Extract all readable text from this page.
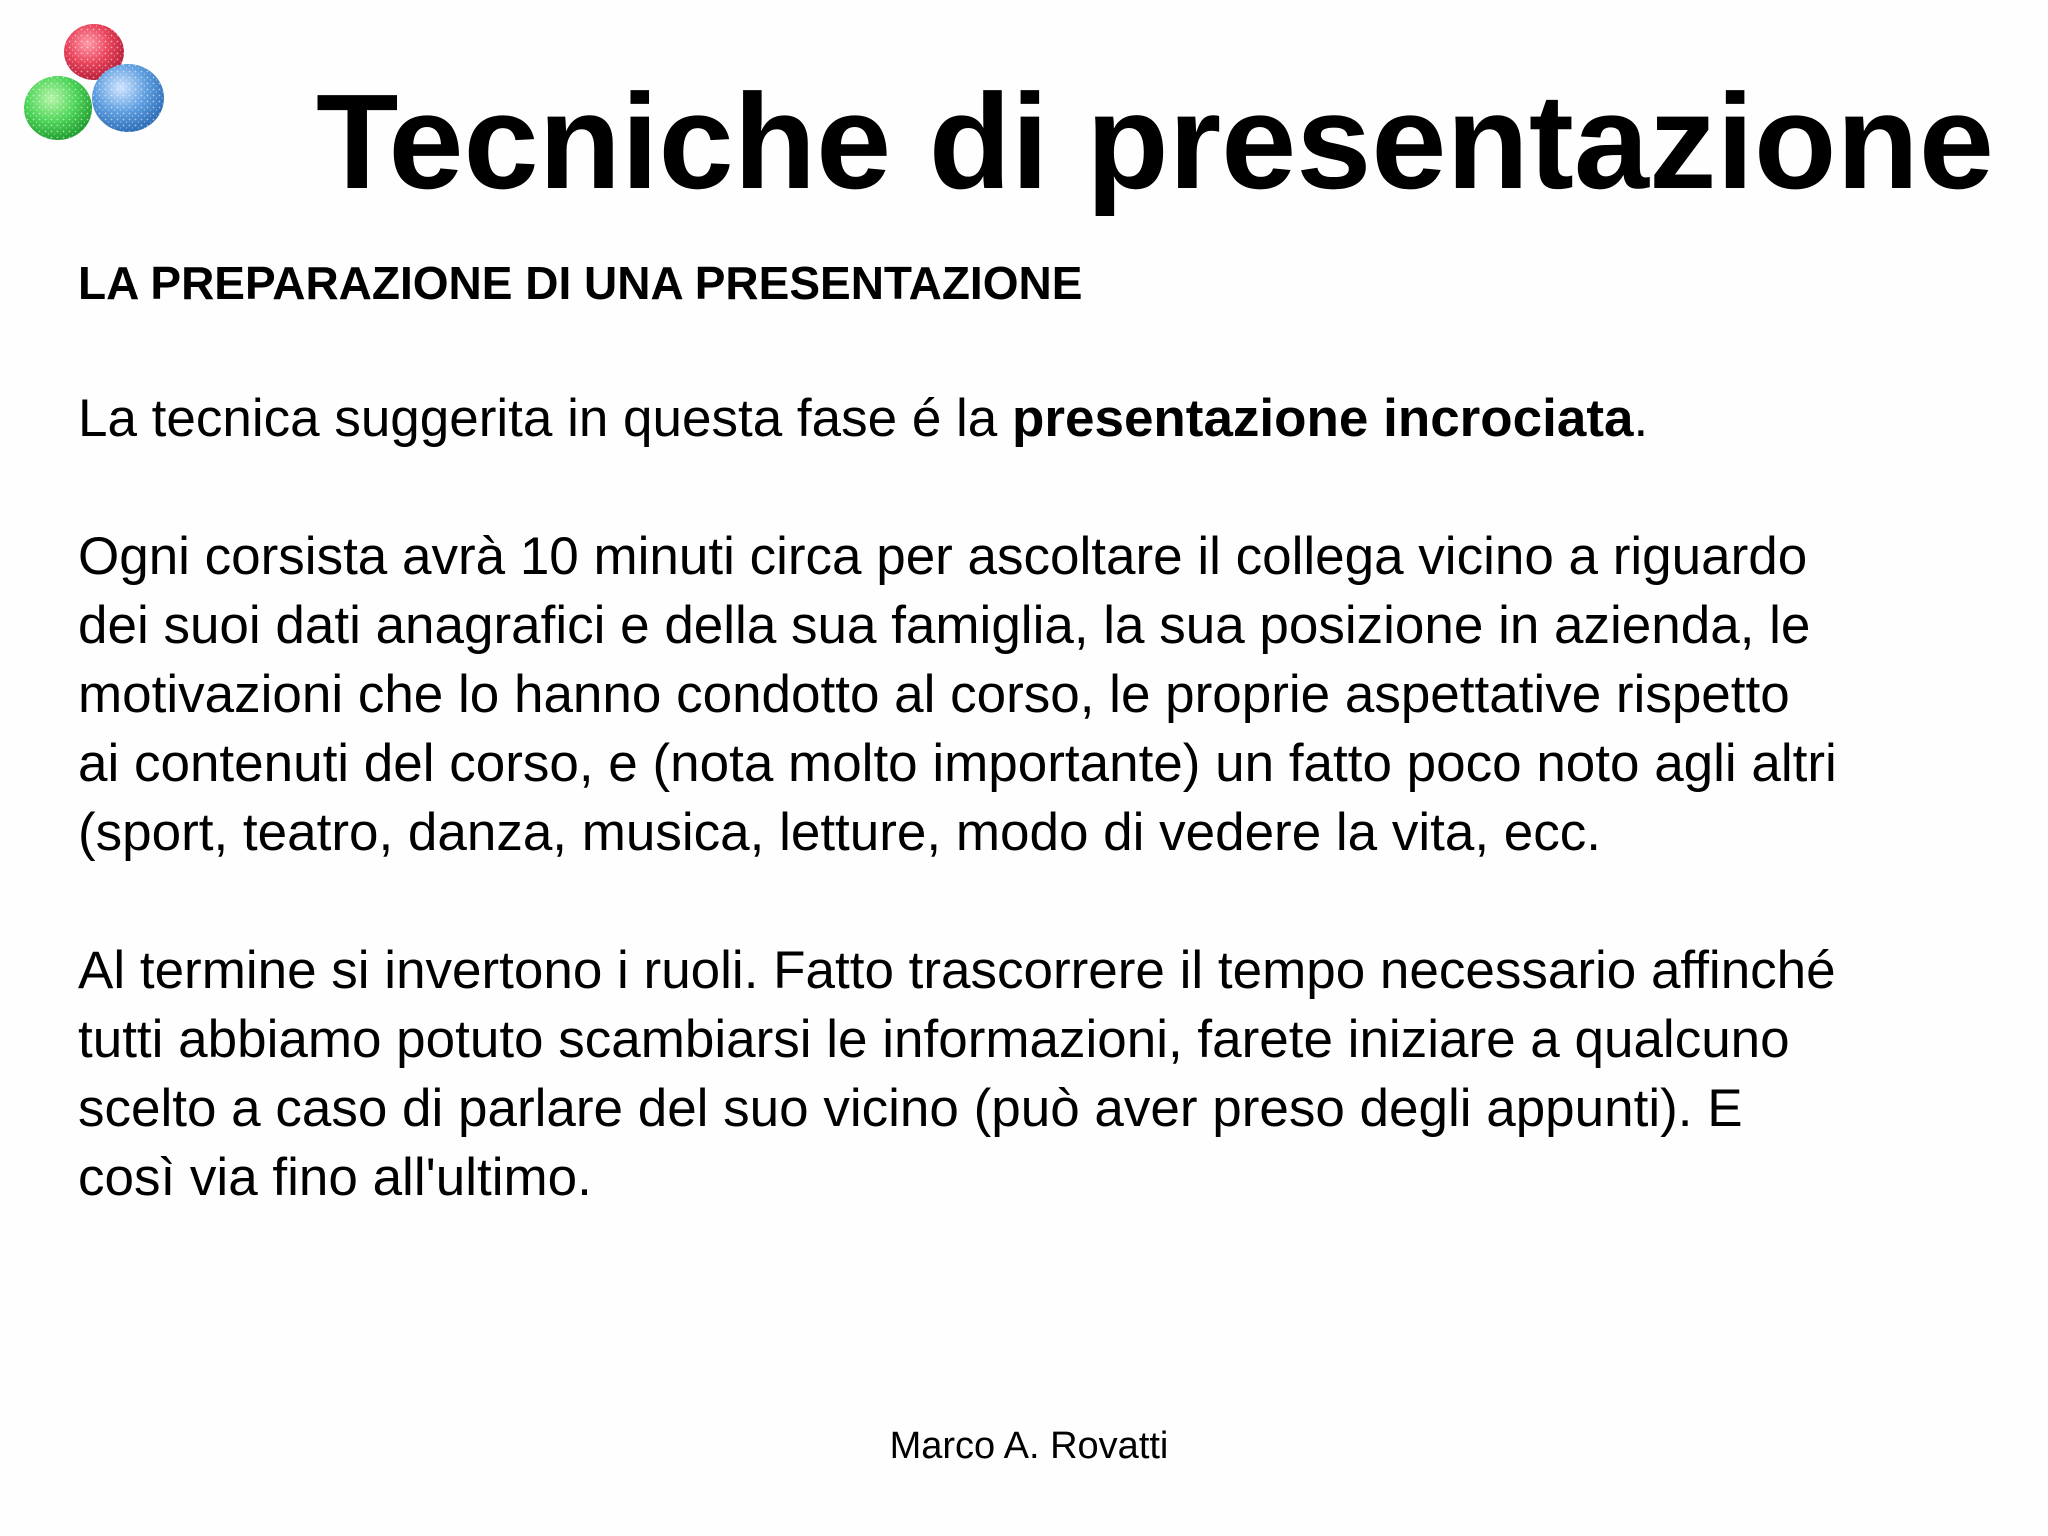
Tecniche di presentazione

LA PREPARAZIONE DI UNA PRESENTAZIONE

La tecnica suggerita in questa fase é la presentazione incrociata.

Ogni corsista avrà 10 minuti circa per ascoltare il collega vicino a riguardo
dei suoi dati anagrafici e della sua famiglia, la sua posizione in azienda, le
motivazioni che lo hanno condotto al corso, le proprie aspettative rispetto
ai contenuti del corso, e (nota molto importante) un fatto poco noto agli altri
(sport, teatro, danza, musica, letture, modo di vedere la vita, ecc.

Al termine si invertono i ruoli. Fatto trascorrere il tempo necessario affinché
tutti abbiamo potuto scambiarsi le informazioni, farete iniziare a qualcuno
scelto a caso di parlare del suo vicino (può aver preso degli appunti). E
così via fino all'ultimo.

Marco A. Rovatti
